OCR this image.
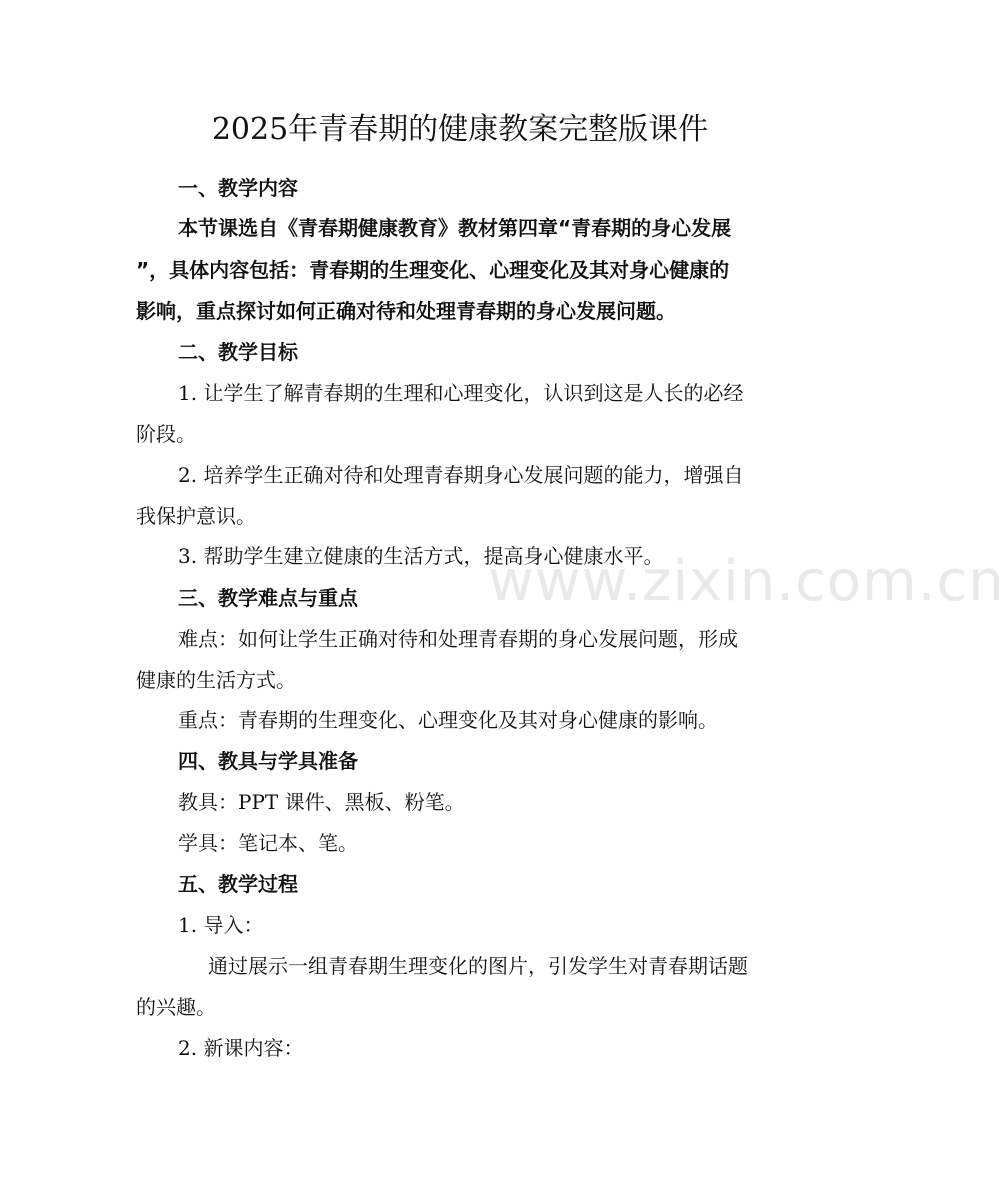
www.zixin.com.cn
2025年青春期的健康教案完整版课件
一、教学内容
本节课选自《青春期健康教育》教材第四章“青春期的身心发展
”，具体内容包括：青春期的生理变化、心理变化及其对身心健康的
影响，重点探讨如何正确对待和处理青春期的身心发展问题。
二、教学目标
1. 让学生了解青春期的生理和心理变化，认识到这是人长的必经
阶段。
2. 培养学生正确对待和处理青春期身心发展问题的能力，增强自
我保护意识。
3. 帮助学生建立健康的生活方式，提高身心健康水平。
三、教学难点与重点
难点：如何让学生正确对待和处理青春期的身心发展问题，形成
健康的生活方式。
重点：青春期的生理变化、心理变化及其对身心健康的影响。
四、教具与学具准备
教具：PPT 课件、黑板、粉笔。
学具：笔记本、笔。
五、教学过程
1. 导入：
通过展示一组青春期生理变化的图片，引发学生对青春期话题
的兴趣。
2. 新课内容：
